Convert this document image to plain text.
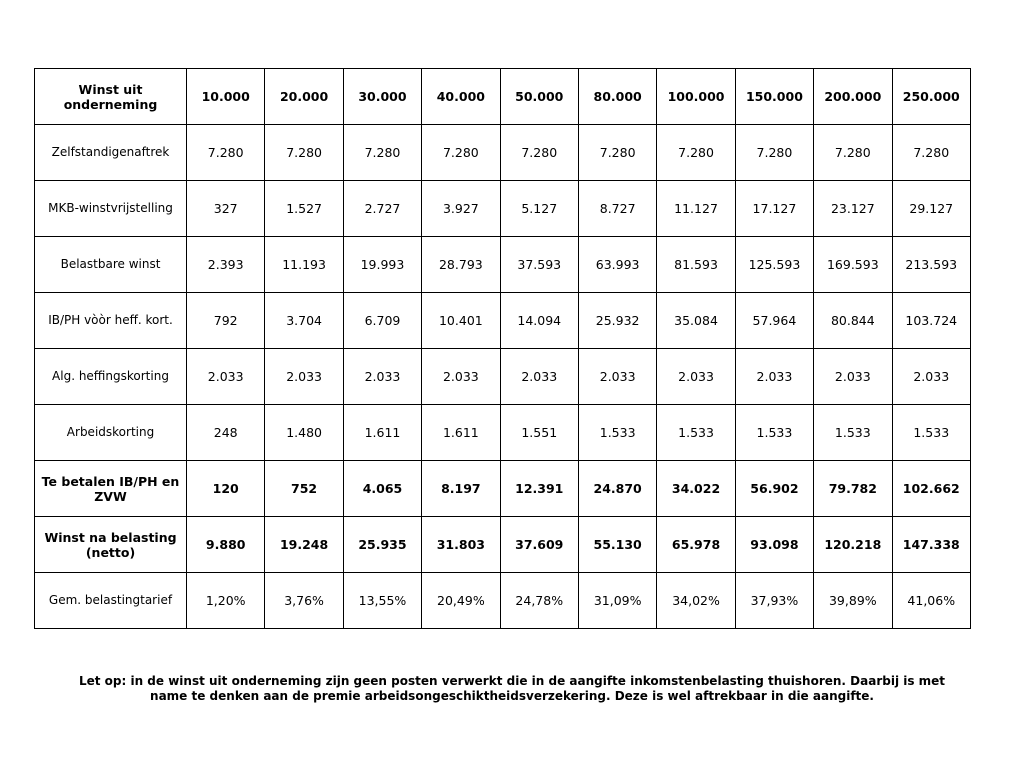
Winst uit onderneming	10.000	20.000	30.000	40.000	50.000	80.000	100.000	150.000	200.000	250.000
Zelfstandigenaftrek	7.280	7.280	7.280	7.280	7.280	7.280	7.280	7.280	7.280	7.280
MKB-winstvrijstelling	327	1.527	2.727	3.927	5.127	8.727	11.127	17.127	23.127	29.127
Belastbare winst	2.393	11.193	19.993	28.793	37.593	63.993	81.593	125.593	169.593	213.593
IB/PH vòòr heff. kort.	792	3.704	6.709	10.401	14.094	25.932	35.084	57.964	80.844	103.724
Alg. heffingskorting	2.033	2.033	2.033	2.033	2.033	2.033	2.033	2.033	2.033	2.033
Arbeidskorting	248	1.480	1.611	1.611	1.551	1.533	1.533	1.533	1.533	1.533
Te betalen IB/PH en ZVW	120	752	4.065	8.197	12.391	24.870	34.022	56.902	79.782	102.662
Winst na belasting (netto)	9.880	19.248	25.935	31.803	37.609	55.130	65.978	93.098	120.218	147.338
Gem. belastingtarief	1,20%	3,76%	13,55%	20,49%	24,78%	31,09%	34,02%	37,93%	39,89%	41,06%
Let op: in de winst uit onderneming zijn geen posten verwerkt die in de aangifte inkomstenbelasting thuishoren. Daarbij is met name te denken aan de premie arbeidsongeschiktheidsverzekering. Deze is wel aftrekbaar in die aangifte.
